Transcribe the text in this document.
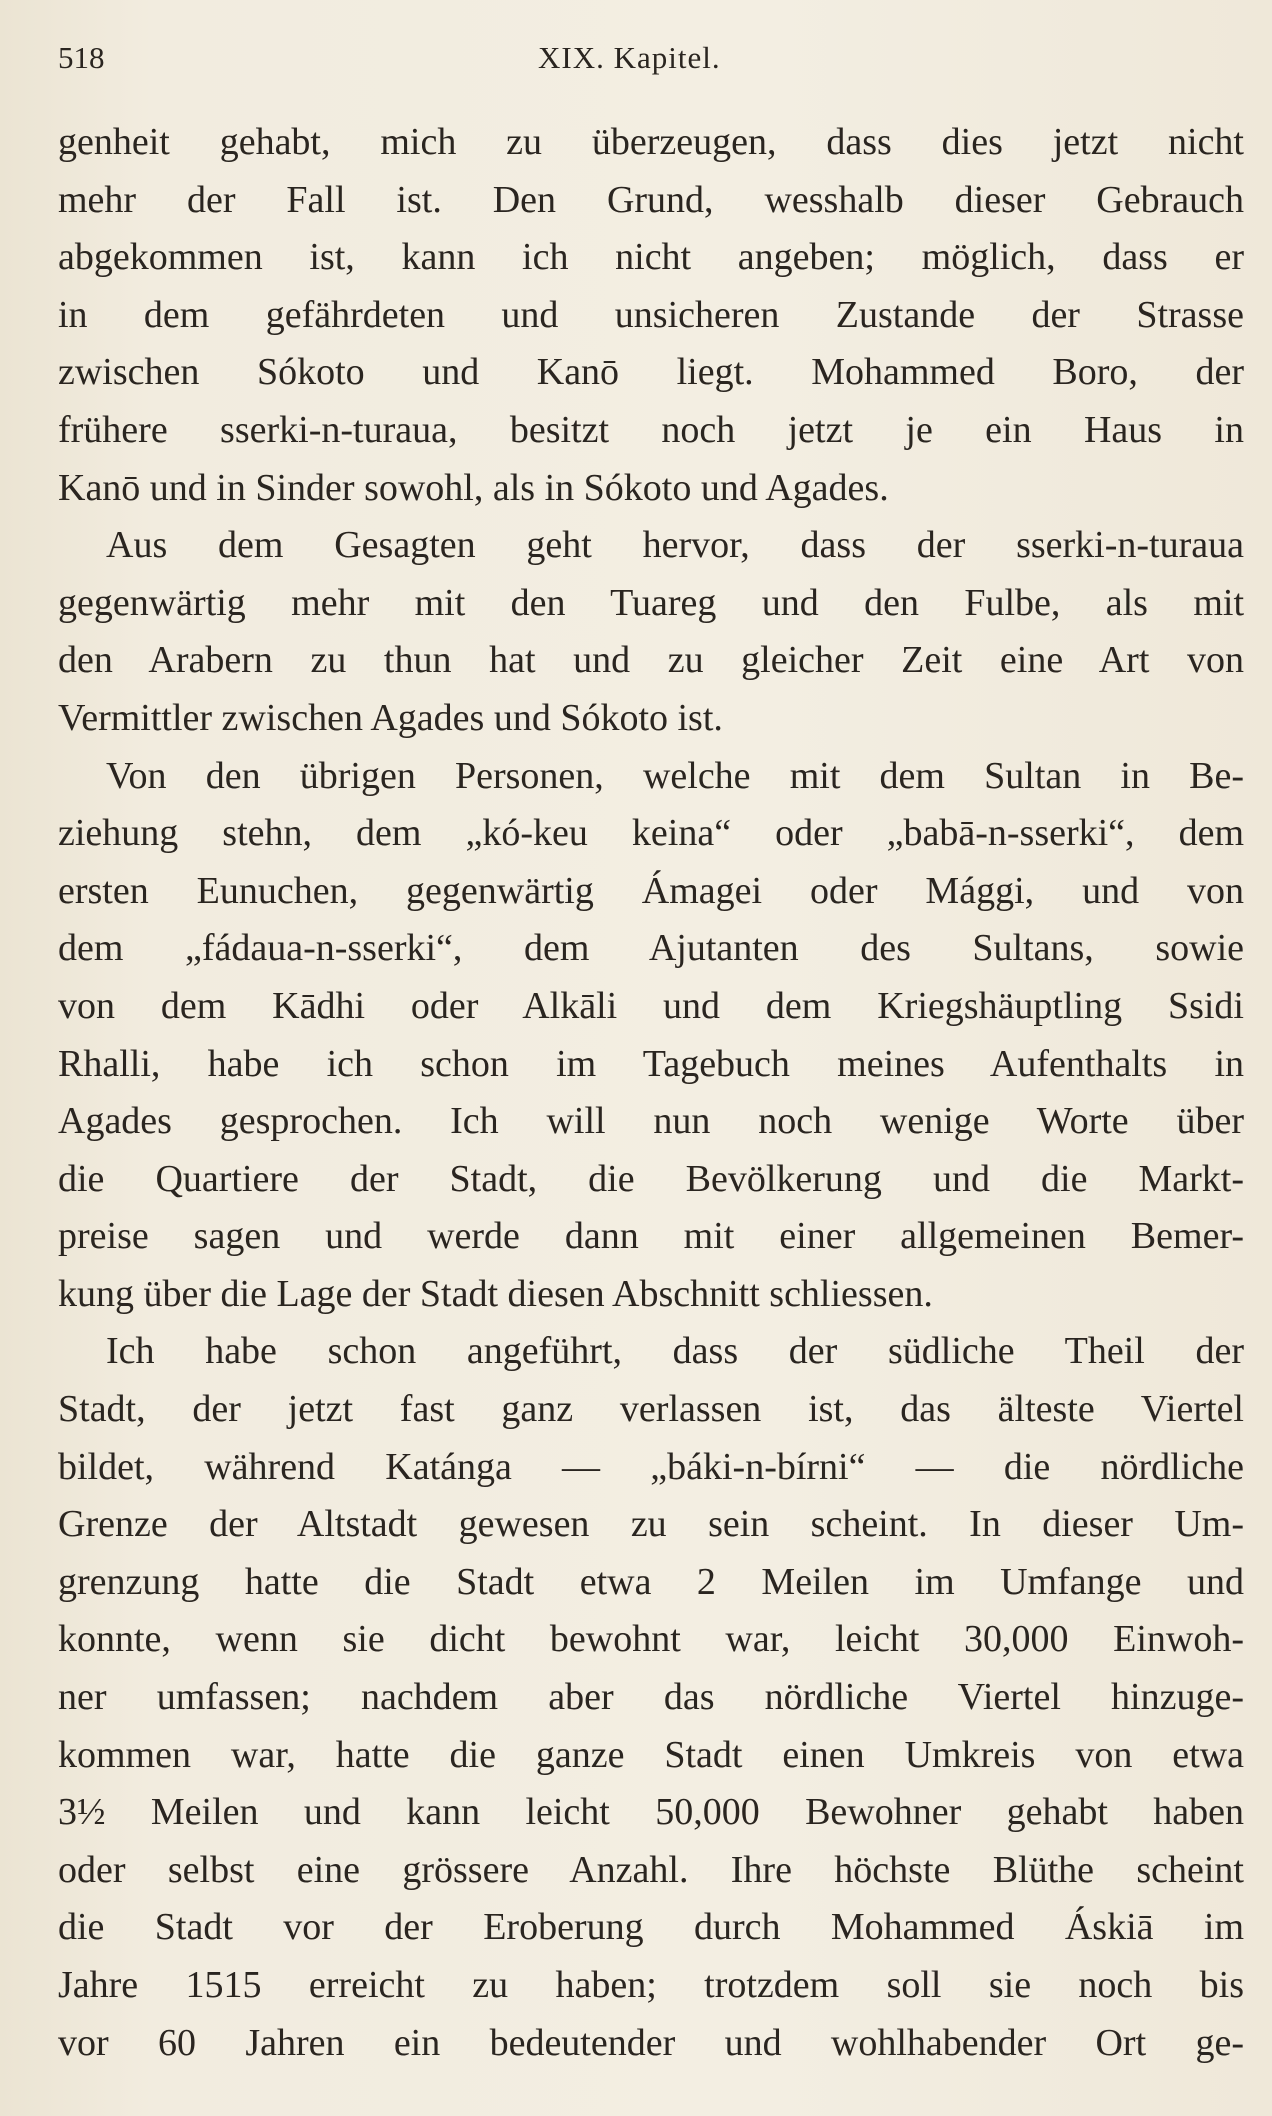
518	XIX. Kapitel.
genheit gehabt, mich zu überzeugen, dass dies jetzt nicht
mehr der Fall ist. Den Grund, wesshalb dieser Gebrauch
abgekommen ist, kann ich nicht angeben; möglich, dass er
in dem gefährdeten und unsicheren Zustande der Strasse
zwischen Sókoto und Kanō liegt. Mohammed Boro, der
frühere sserki-n-turaua, besitzt noch jetzt je ein Haus in
Kanō und in Sinder sowohl, als in Sókoto und Agades.
Aus dem Gesagten geht hervor, dass der sserki-n-turaua
gegenwärtig mehr mit den Tuareg und den Fulbe, als mit
den Arabern zu thun hat und zu gleicher Zeit eine Art von
Vermittler zwischen Agades und Sókoto ist.
Von den übrigen Personen, welche mit dem Sultan in Be-
ziehung stehn, dem „kó-keu keina“ oder „babā-n-sserki“, dem
ersten Eunuchen, gegenwärtig Ámagei oder Mággi, und von
dem „fádaua-n-sserki“, dem Ajutanten des Sultans, sowie
von dem Kādhi oder Alkāli und dem Kriegshäuptling Ssidi
Rhalli, habe ich schon im Tagebuch meines Aufenthalts in
Agades gesprochen. Ich will nun noch wenige Worte über
die Quartiere der Stadt, die Bevölkerung und die Markt-
preise sagen und werde dann mit einer allgemeinen Bemer-
kung über die Lage der Stadt diesen Abschnitt schliessen.
Ich habe schon angeführt, dass der südliche Theil der
Stadt, der jetzt fast ganz verlassen ist, das älteste Viertel
bildet, während Katánga — „báki-n-bírni“ — die nördliche
Grenze der Altstadt gewesen zu sein scheint. In dieser Um-
grenzung hatte die Stadt etwa 2 Meilen im Umfange und
konnte, wenn sie dicht bewohnt war, leicht 30,000 Einwoh-
ner umfassen; nachdem aber das nördliche Viertel hinzuge-
kommen war, hatte die ganze Stadt einen Umkreis von etwa
3½ Meilen und kann leicht 50,000 Bewohner gehabt haben
oder selbst eine grössere Anzahl. Ihre höchste Blüthe scheint
die Stadt vor der Eroberung durch Mohammed Áskiā im
Jahre 1515 erreicht zu haben; trotzdem soll sie noch bis
vor 60 Jahren ein bedeutender und wohlhabender Ort ge-
